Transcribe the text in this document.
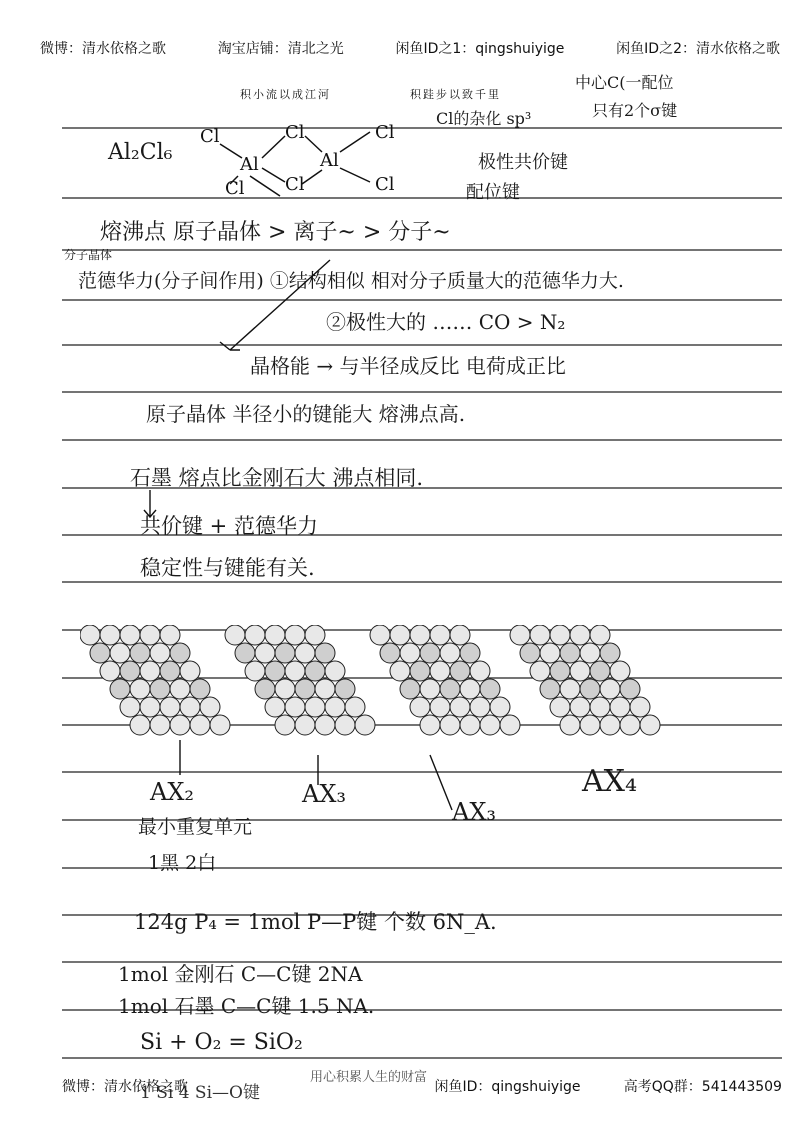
微博：清水依格之歌	淘宝店铺：清北之光	闲鱼ID之1：qingshuiyige	闲鱼ID之2：清水依格之歌
积小流以成江河	积跬步以致千里
中心C(一配位
只有2个σ键
Cl的杂化 sp³
Al₂Cl₆	极性共价键
配位键
Cl	Cl	Cl
Al	Al
Cl Cl	Cl
熔沸点 原子晶体 > 离子~ > 分子~
分子晶体
范德华力(分子间作用) ①结构相似 相对分子质量大的范德华力大.
②极性大的 …… CO > N₂
晶格能 → 与半径成反比 电荷成正比
原子晶体 半径小的键能大 熔沸点高.
石墨 熔点比金刚石大 沸点相同.
共价键 + 范德华力
稳定性与键能有关.
AX₂	AX₃
AX₃
AX₄
最小重复单元
1黑 2白
124g P₄ = 1mol P—P键 个数 6N_A.
1mol 金刚石 C—C键 2NA
1mol 石墨 C—C键 1.5 NA.
Si + O₂ = SiO₂
1 Si 4 Si—O键
微博：清水依格之歌	闲鱼ID：qingshuiyige	高考QQ群：541443509
用心积累人生的财富
